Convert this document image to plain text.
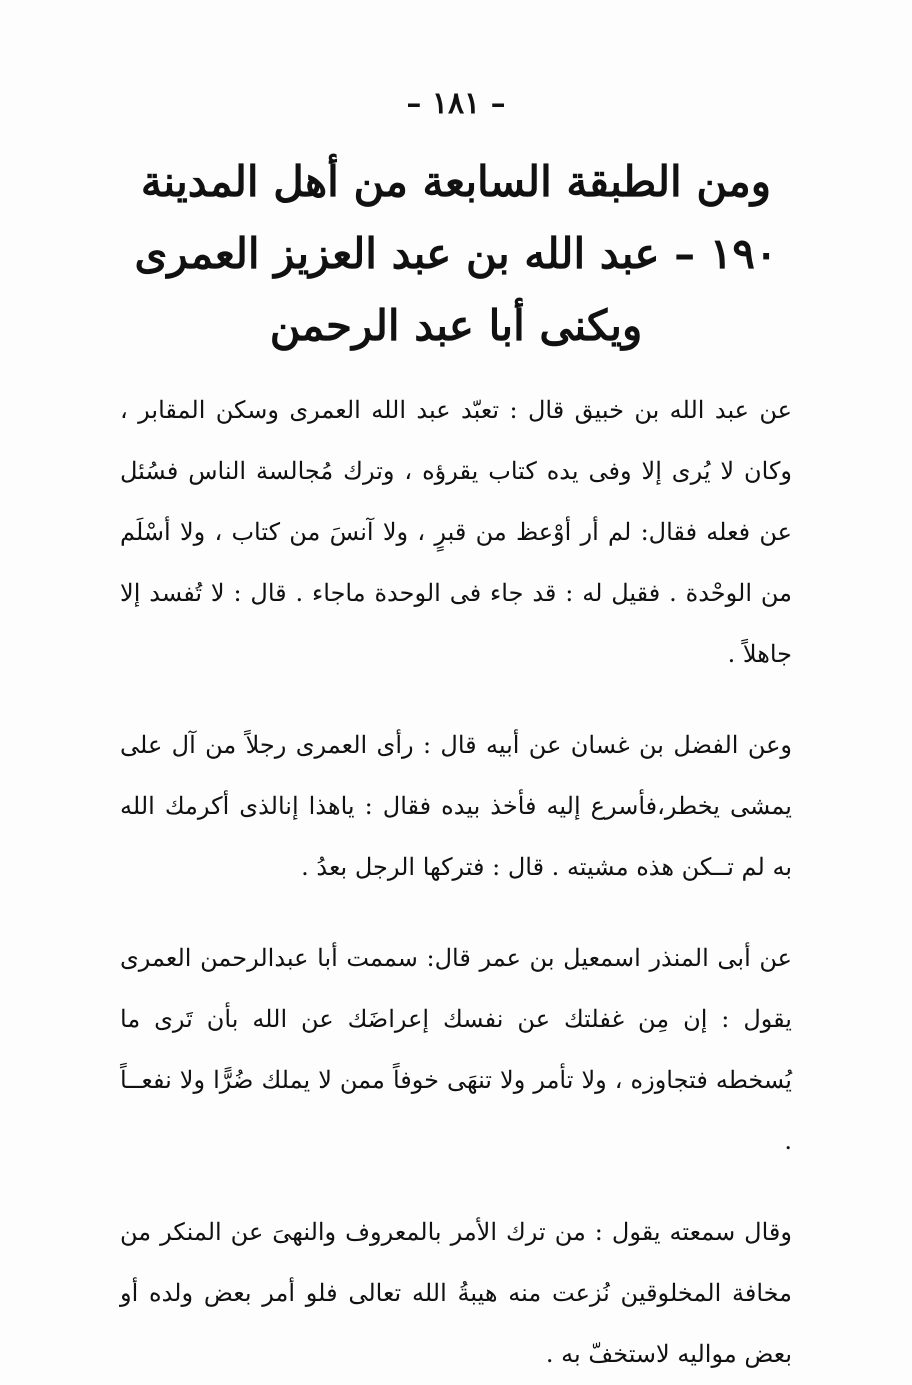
– ١٨١ –
ومن الطبقة السابعة من أهل المدينة
١٩٠ – عبد الله بن عبد العزيز العمرى
ويكنى أبا عبد الرحمن

عن عبد الله بن خبيق قال : تعبّد عبد الله العمرى وسكن المقابر ، وكان لا يُرى إلا وفى يده كتاب يقرؤه ، وترك مُجالسة الناس فسُئل عن فعله فقال: لم أر أوْعظ من قبرٍ ، ولا آنسَ من كتاب ، ولا أسْلَم من الوحْدة . فقيل له : قد جاء فى الوحدة ماجاء . قال : لا تُفسد إلا جاهلاً .

وعن الفضل بن غسان عن أبيه قال : رأى العمرى رجلاً من آل على يمشى يخطر،فأسرع إليه فأخذ بيده فقال : ياهذا إنالذى أكرمك الله به لم تــكن هذه مشيته . قال : فتركها الرجل بعدُ .

عن أبى المنذر اسمعيل بن عمر قال: سممت أبا عبدالرحمن العمرى يقول : إن مِن غفلتك عن نفسك إعراضَك عن الله بأن تَرى ما يُسخطه فتجاوزه ، ولا تأمر ولا تنهَى خوفاً ممن لا يملك ضُرًّا ولا نفعــاً .

وقال سمعته يقول : من ترك الأمر بالمعروف والنهىَ عن المنكر من مخافة المخلوقين نُزعت منه هيبةُ الله تعالى فلو أمر بعض ولده أو بعض مواليه لاستخفّ به .
